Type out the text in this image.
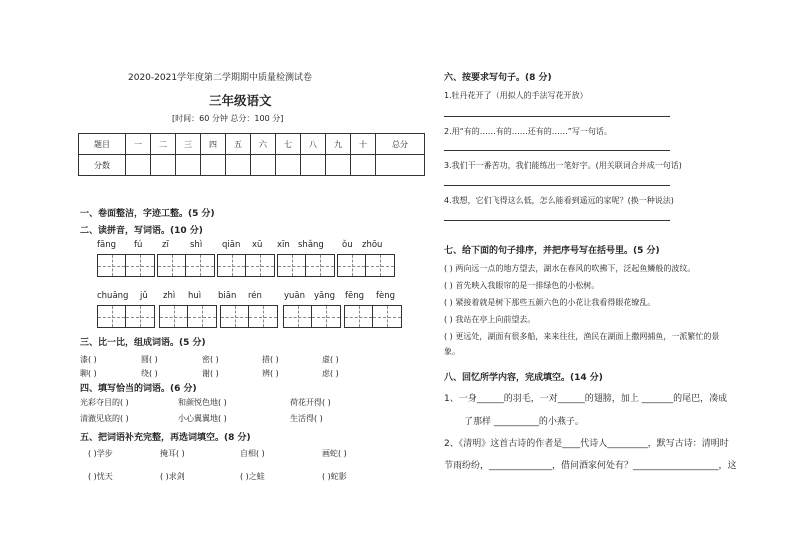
2020-2021学年度第二学期期中质量检测试卷
三年级语文
[时间：60 分钟 总分：100 分]
题目	一	二	三	四	五	六	七	八	九	十	总分
分数											
一、卷面整洁，字迹工整。(5 分)
二、读拼音，写词语。(10 分)
fāng fú zī shì qiān xū xīn shǎng ǒu zhōu
chuāng jǔ zhì huì biān rén	yuān yāng fēng fèng
三、比一比，组成词语。(5 分)
漆( )	圆( )	密( )	措( )	虚( )
聊( )	绕( )	谢( )	辨( )	虑( )
四、填写恰当的词语。(6 分)
光彩夺目的( )	和颜悦色地( )	荷花开得( )
清澈见底的( )	小心翼翼地( )	生活得( )
五、把词语补充完整，再选词填空。(8 分)
( )学步	掩耳( )	自相( )	画蛇( )
( )忧天	( )求剑	( )之蛙	( )蛇影
六、按要求写句子。(8 分)
1.牡丹花开了（用拟人的手法写花开放）
2.用“有的……有的……还有的……”写一句话。
3.我们干一番苦功，我们能练出一笔好字。(用关联词合并成一句话)
4.我想，它们飞得这么低，怎么能看到遥远的家呢？(换一种说法)
七、给下面的句子排序，并把序号写在括号里。(5 分)
( ) 两向远一点的地方望去，湖水在春风的吹拂下，泛起鱼鳞般的波纹。
( ) 首先映入我眼帘的是一排绿色的小松树。
( ) 紧接着就是树下那些五颜六色的小花让我看得眼花缭乱。
( ) 我站在亭上向前望去。
( ) 更远处，湖面有很多船，来来往往，渔民在湖面上撒网捕鱼，一派繁忙的景
象。
八、回忆所学内容，完成填空。(14 分)
1、一身______的羽毛，一对______的翅膀，加上 _______的尾巴，凑成
了那样 __________的小燕子。
2、《清明》这首古诗的作者是____代诗人_________，默写古诗：清明时
节雨纷纷，______________，借问酒家何处有？___________________，这
